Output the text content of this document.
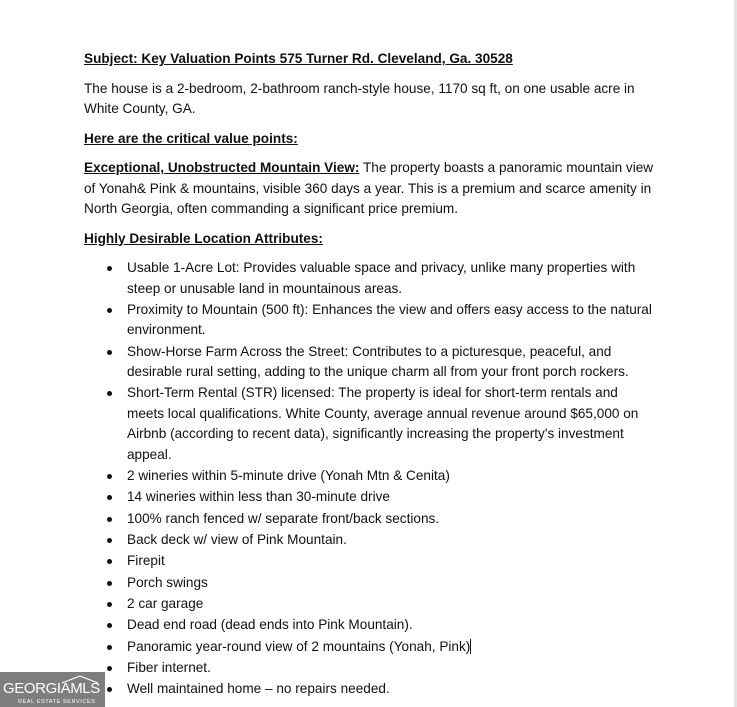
Subject: Key Valuation Points 575 Turner Rd. Cleveland, Ga. 30528

The house is a 2-bedroom, 2-bathroom ranch-style house, 1170 sq ft, on one usable acre in White County, GA.

Here are the critical value points:

Exceptional, Unobstructed Mountain View: The property boasts a panoramic mountain view of Yonah& Pink & mountains, visible 360 days a year. This is a premium and scarce amenity in North Georgia, often commanding a significant price premium.

Highly Desirable Location Attributes:

Usable 1-Acre Lot: Provides valuable space and privacy, unlike many properties with steep or unusable land in mountainous areas.
Proximity to Mountain (500 ft): Enhances the view and offers easy access to the natural environment.
Show-Horse Farm Across the Street: Contributes to a picturesque, peaceful, and desirable rural setting, adding to the unique charm all from your front porch rockers.
Short-Term Rental (STR) licensed: The property is ideal for short-term rentals and meets local qualifications. White County, average annual revenue around $65,000 on Airbnb (according to recent data), significantly increasing the property's investment appeal.
2 wineries within 5-minute drive (Yonah Mtn & Cenita)
14 wineries within less than 30-minute drive
100% ranch fenced w/ separate front/back sections.
Back deck w/ view of Pink Mountain.
Firepit
Porch swings
2 car garage
Dead end road (dead ends into Pink Mountain).
Panoramic year-round view of 2 mountains (Yonah, Pink)
Fiber internet.
Well maintained home – no repairs needed.
GEORGIAMLS
REAL ESTATE SERVICES
